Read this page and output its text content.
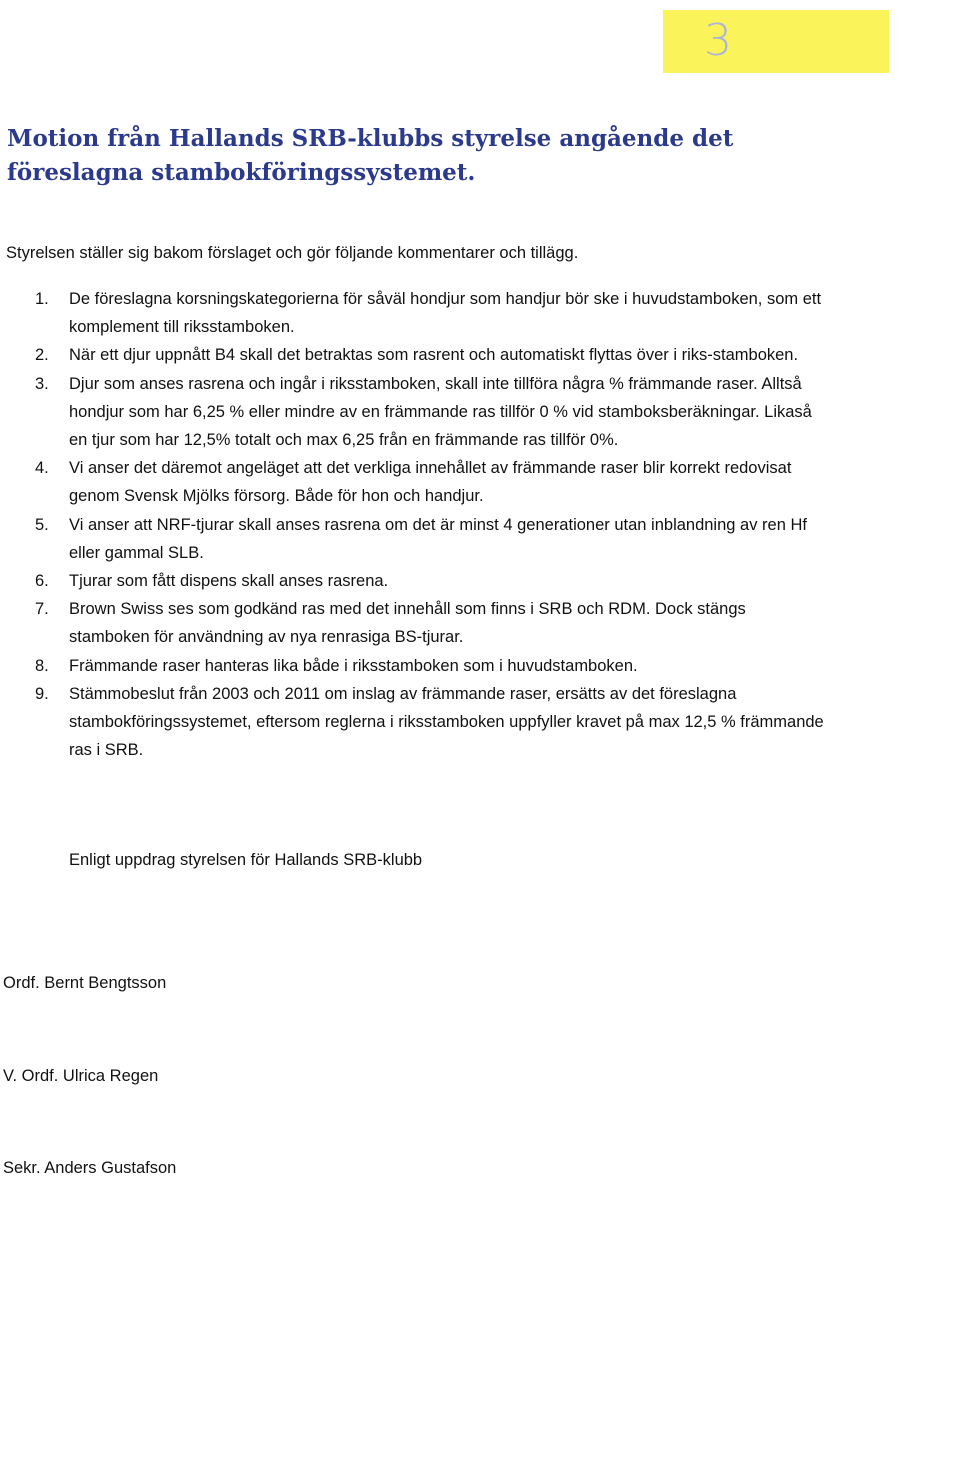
3
Motion från Hallands SRB-klubbs styrelse angående det föreslagna stambokföringssystemet.

Styrelsen ställer sig bakom förslaget och gör följande kommentarer och tillägg.

1. De föreslagna korsningskategorierna för såväl hondjur som handjur bör ske i huvudstamboken, som ett komplement till riksstamboken.
2. När ett djur uppnått B4 skall det betraktas som rasrent och automatiskt flyttas över i riks-stamboken.
3. Djur som anses rasrena och ingår i riksstamboken, skall inte tillföra några % främmande raser. Alltså hondjur som har 6,25 % eller mindre av en främmande ras tillför 0 % vid stamboksberäkningar. Likaså en tjur som har 12,5% totalt och max 6,25 från en främmande ras tillför 0%.
4. Vi anser det däremot angeläget att det verkliga innehållet av främmande raser blir korrekt redovisat genom Svensk Mjölks försorg. Både för hon och handjur.
5. Vi anser att NRF-tjurar skall anses rasrena om det är minst 4 generationer utan inblandning av ren Hf eller gammal SLB.
6. Tjurar som fått dispens skall anses rasrena.
7. Brown Swiss ses som godkänd ras med det innehåll som finns i SRB och RDM. Dock stängs stamboken för användning av nya renrasiga BS-tjurar.
8. Främmande raser hanteras lika både i riksstamboken som i huvudstamboken.
9. Stämmobeslut från 2003 och 2011 om inslag av främmande raser, ersätts av det föreslagna stambokföringssystemet, eftersom reglerna i riksstamboken uppfyller kravet på max 12,5 % främmande ras i SRB.

Enligt uppdrag styrelsen för Hallands SRB-klubb

Ordf. Bernt Bengtsson

V. Ordf. Ulrica Regen

Sekr. Anders Gustafson
